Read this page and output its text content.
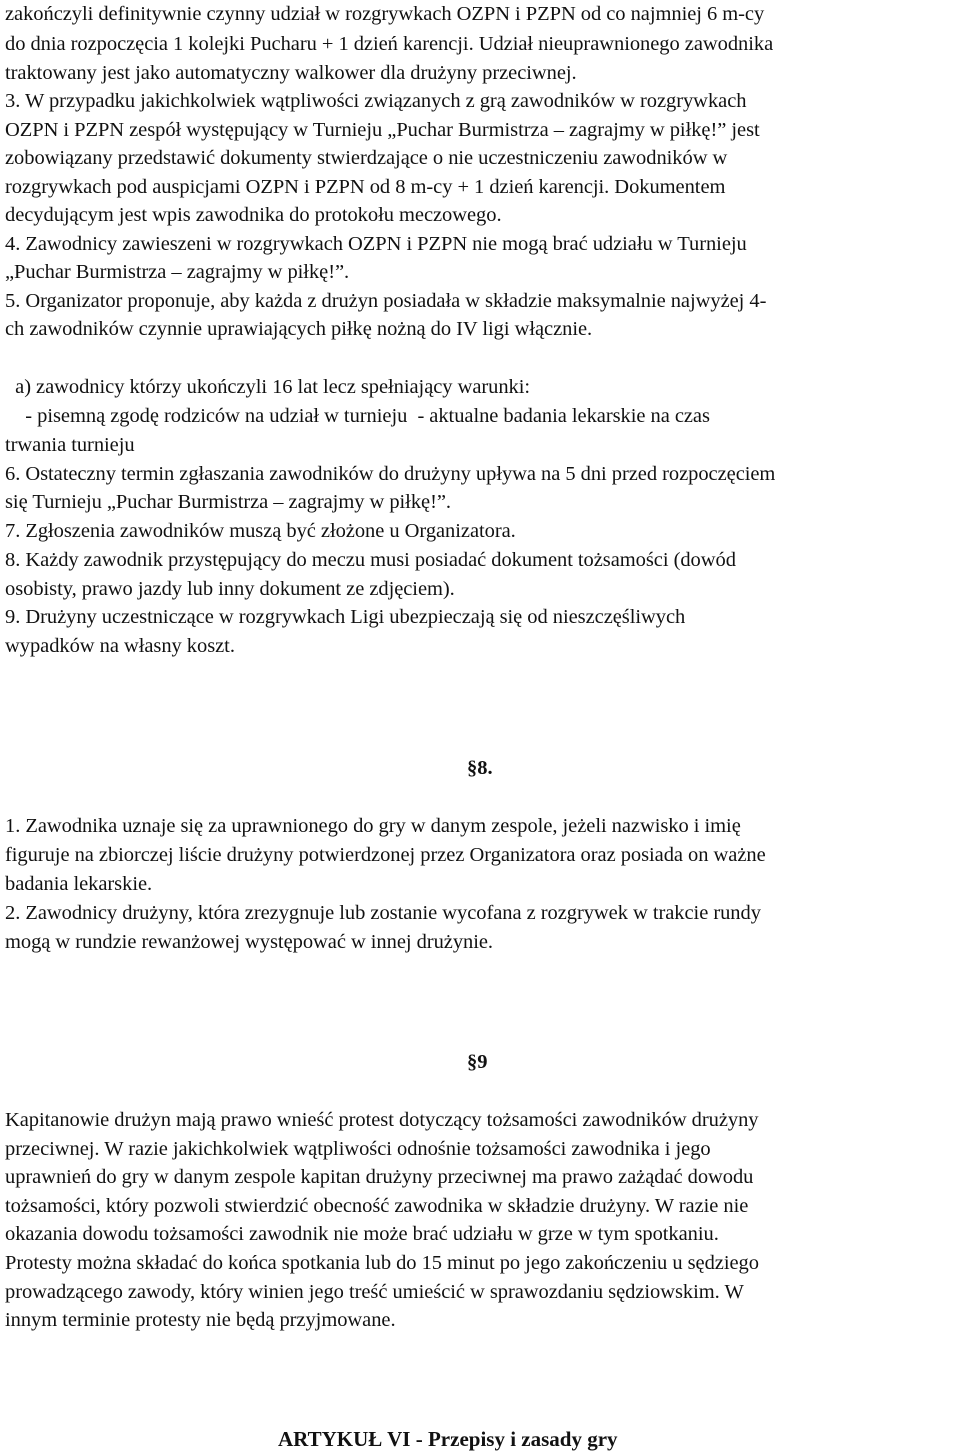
zakończyli definitywnie czynny udział w rozgrywkach OZPN i PZPN od co najmniej 6 m-cy
do dnia rozpoczęcia 1 kolejki Pucharu + 1 dzień karencji. Udział nieuprawnionego zawodnika
traktowany jest jako automatyczny walkower dla drużyny przeciwnej.
3. W przypadku jakichkolwiek wątpliwości związanych z grą zawodników w rozgrywkach
OZPN i PZPN zespół występujący w Turnieju „Puchar Burmistrza – zagrajmy w piłkę!” jest
zobowiązany przedstawić dokumenty stwierdzające o nie uczestniczeniu zawodników w
rozgrywkach pod auspicjami OZPN i PZPN od 8 m-cy + 1 dzień karencji. Dokumentem
decydującym jest wpis zawodnika do protokołu meczowego.
4. Zawodnicy zawieszeni w rozgrywkach OZPN i PZPN nie mogą brać udziału w Turnieju
„Puchar Burmistrza – zagrajmy w piłkę!”.
5. Organizator proponuje, aby każda z drużyn posiadała w składzie maksymalnie najwyżej 4-
ch zawodników czynnie uprawiających piłkę nożną do IV ligi włącznie.
a) zawodnicy którzy ukończyli 16 lat lecz spełniający warunki:
- pisemną zgodę rodziców na udział w turnieju  - aktualne badania lekarskie na czas
trwania turnieju
6. Ostateczny termin zgłaszania zawodników do drużyny upływa na 5 dni przed rozpoczęciem
się Turnieju „Puchar Burmistrza – zagrajmy w piłkę!”.
7. Zgłoszenia zawodników muszą być złożone u Organizatora.
8. Każdy zawodnik przystępujący do meczu musi posiadać dokument tożsamości (dowód
osobisty, prawo jazdy lub inny dokument ze zdjęciem).
9. Drużyny uczestniczące w rozgrywkach Ligi ubezpieczają się od nieszczęśliwych
wypadków na własny koszt.
§8.
1. Zawodnika uznaje się za uprawnionego do gry w danym zespole, jeżeli nazwisko i imię
figuruje na zbiorczej liście drużyny potwierdzonej przez Organizatora oraz posiada on ważne
badania lekarskie.
2. Zawodnicy drużyny, która zrezygnuje lub zostanie wycofana z rozgrywek w trakcie rundy
mogą w rundzie rewanżowej występować w innej drużynie.
§9
Kapitanowie drużyn mają prawo wnieść protest dotyczący tożsamości zawodników drużyny
przeciwnej. W razie jakichkolwiek wątpliwości odnośnie tożsamości zawodnika i jego
uprawnień do gry w danym zespole kapitan drużyny przeciwnej ma prawo zażądać dowodu
tożsamości, który pozwoli stwierdzić obecność zawodnika w składzie drużyny. W razie nie
okazania dowodu tożsamości zawodnik nie może brać udziału w grze w tym spotkaniu.
Protesty można składać do końca spotkania lub do 15 minut po jego zakończeniu u sędziego
prowadzącego zawody, który winien jego treść umieścić w sprawozdaniu sędziowskim. W
innym terminie protesty nie będą przyjmowane.
ARTYKUŁ VI - Przepisy i zasady gry
